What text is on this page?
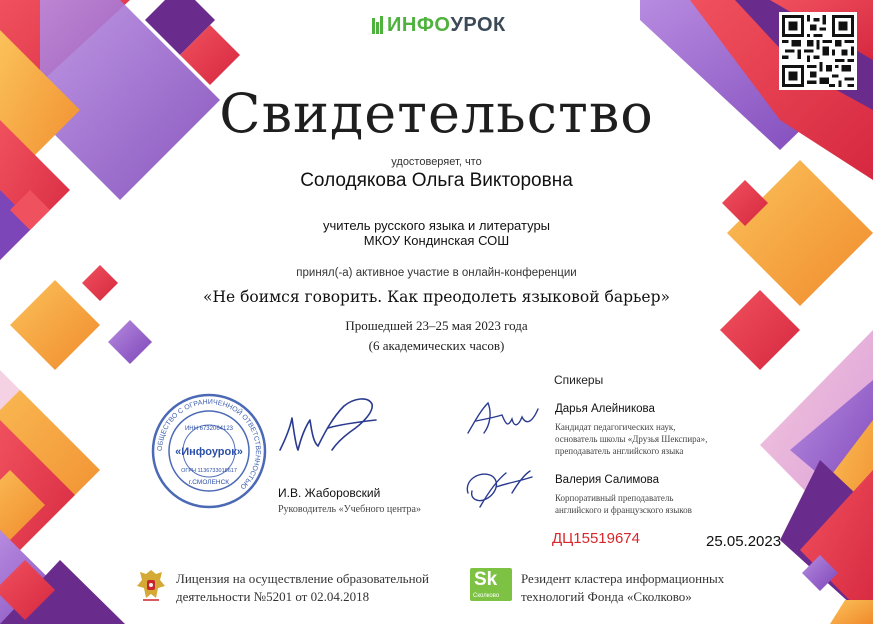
ИНФО УРОК
Свидетельство
удостоверяет, что
Солодякова Ольга Викторовна
учитель русского языка и литературы
МКОУ Кондинская СОШ
принял(-а) активное участие в онлайн-конференции
«Не боимся говорить. Как преодолеть языковой барьер»
Прошедшей 23–25 мая 2023 года
(6 академических часов)
ОБЩЕСТВО С ОГРАНИЧЕННОЙ ОТВЕТСТВЕННОСТЬЮ
ИНН 6732064123
«Инфоурок»
ОГРН 1136733018617
г.СМОЛЕНСК
И.В. Жаборовский
Руководитель «Учебного центра»
Спикеры
Дарья Алейникова
Кандидат педагогических наук,
основатель школы «Друзья Шекспира»,
преподаватель английского языка
Валерия Салимова
Корпоративный преподаватель
английского и французского языков
ДЦ15519674	25.05.2023
Лицензия на осуществление образовательной
деятельности №5201 от 02.04.2018
Sk
Сколково
Резидент кластера информационных
технологий Фонда «Сколково»
